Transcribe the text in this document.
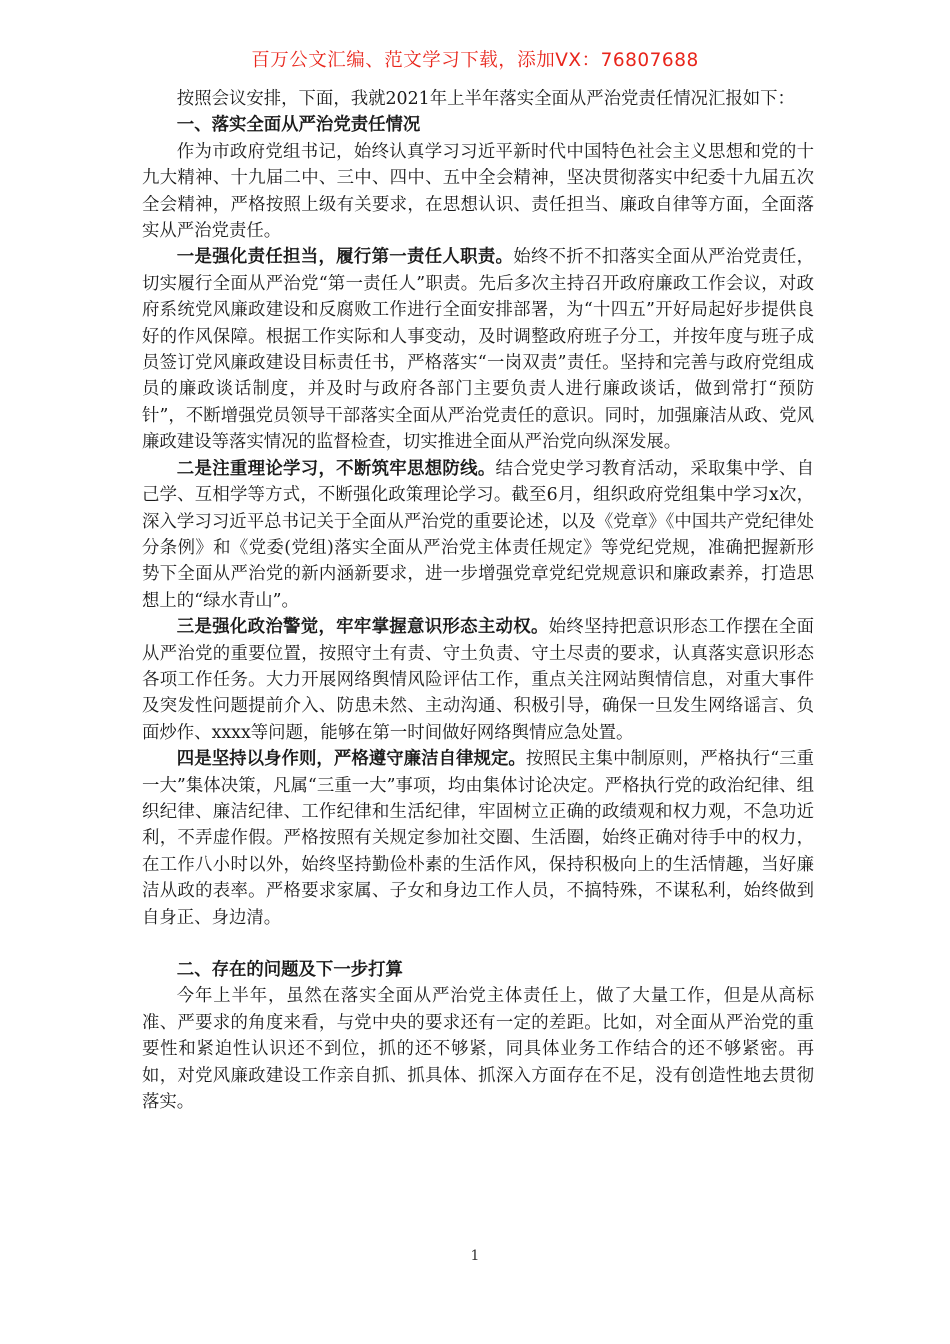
百万公文汇编、范文学习下载，添加VX：76807688

按照会议安排，下面，我就2021年上半年落实全面从严治党责任情况汇报如下：

一、落实全面从严治党责任情况

作为市政府党组书记，始终认真学习习近平新时代中国特色社会主义思想和党的十九大精神、十九届二中、三中、四中、五中全会精神，坚决贯彻落实中纪委十九届五次全会精神，严格按照上级有关要求，在思想认识、责任担当、廉政自律等方面，全面落实从严治党责任。

一是强化责任担当，履行第一责任人职责。始终不折不扣落实全面从严治党责任，切实履行全面从严治党“第一责任人”职责。先后多次主持召开政府廉政工作会议，对政府系统党风廉政建设和反腐败工作进行全面安排部署，为“十四五”开好局起好步提供良好的作风保障。根据工作实际和人事变动，及时调整政府班子分工，并按年度与班子成员签订党风廉政建设目标责任书，严格落实“一岗双责”责任。坚持和完善与政府党组成员的廉政谈话制度，并及时与政府各部门主要负责人进行廉政谈话，做到常打“预防针”，不断增强党员领导干部落实全面从严治党责任的意识。同时，加强廉洁从政、党风廉政建设等落实情况的监督检查，切实推进全面从严治党向纵深发展。

二是注重理论学习，不断筑牢思想防线。结合党史学习教育活动，采取集中学、自己学、互相学等方式，不断强化政策理论学习。截至6月，组织政府党组集中学习x次，深入学习习近平总书记关于全面从严治党的重要论述，以及《党章》《中国共产党纪律处分条例》和《党委(党组)落实全面从严治党主体责任规定》等党纪党规，准确把握新形势下全面从严治党的新内涵新要求，进一步增强党章党纪党规意识和廉政素养，打造思想上的“绿水青山”。

三是强化政治警觉，牢牢掌握意识形态主动权。始终坚持把意识形态工作摆在全面从严治党的重要位置，按照守土有责、守土负责、守土尽责的要求，认真落实意识形态各项工作任务。大力开展网络舆情风险评估工作，重点关注网站舆情信息，对重大事件及突发性问题提前介入、防患未然、主动沟通、积极引导，确保一旦发生网络谣言、负面炒作、xxxx等问题，能够在第一时间做好网络舆情应急处置。

四是坚持以身作则，严格遵守廉洁自律规定。按照民主集中制原则，严格执行“三重一大”集体决策，凡属“三重一大”事项，均由集体讨论决定。严格执行党的政治纪律、组织纪律、廉洁纪律、工作纪律和生活纪律，牢固树立正确的政绩观和权力观，不急功近利，不弄虚作假。严格按照有关规定参加社交圈、生活圈，始终正确对待手中的权力，在工作八小时以外，始终坚持勤俭朴素的生活作风，保持积极向上的生活情趣，当好廉洁从政的表率。严格要求家属、子女和身边工作人员，不搞特殊，不谋私利，始终做到自身正、身边清。

二、存在的问题及下一步打算

今年上半年，虽然在落实全面从严治党主体责任上，做了大量工作，但是从高标准、严要求的角度来看，与党中央的要求还有一定的差距。比如，对全面从严治党的重要性和紧迫性认识还不到位，抓的还不够紧，同具体业务工作结合的还不够紧密。再如，对党风廉政建设工作亲自抓、抓具体、抓深入方面存在不足，没有创造性地去贯彻落实。

1
